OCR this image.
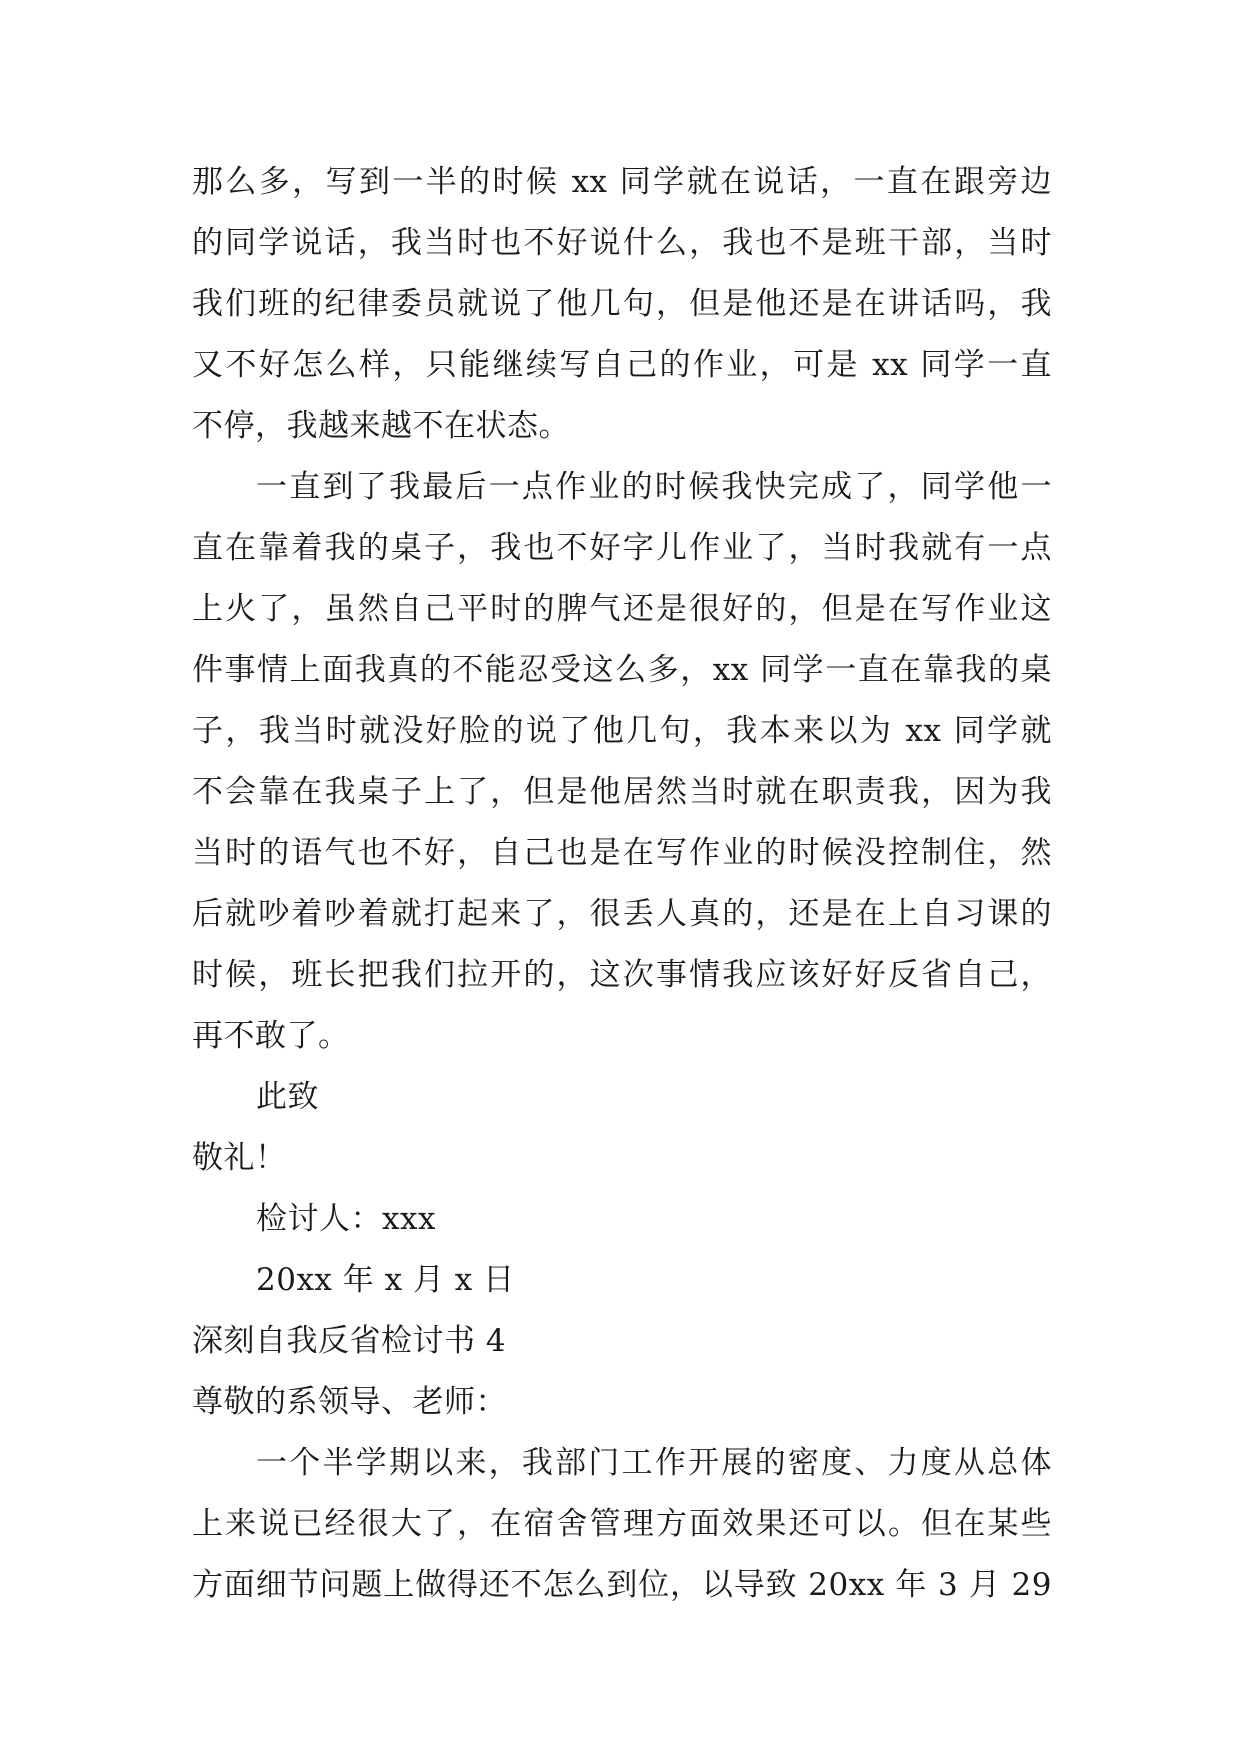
那么多，写到一半的时候 xx 同学就在说话，一直在跟旁边
的同学说话，我当时也不好说什么，我也不是班干部，当时
我们班的纪律委员就说了他几句，但是他还是在讲话吗，我
又不好怎么样，只能继续写自己的作业，可是 xx 同学一直
不停，我越来越不在状态。
一直到了我最后一点作业的时候我快完成了，同学他一
直在靠着我的桌子，我也不好字儿作业了，当时我就有一点
上火了，虽然自己平时的脾气还是很好的，但是在写作业这
件事情上面我真的不能忍受这么多，xx 同学一直在靠我的桌
子，我当时就没好脸的说了他几句，我本来以为 xx 同学就
不会靠在我桌子上了，但是他居然当时就在职责我，因为我
当时的语气也不好，自己也是在写作业的时候没控制住，然
后就吵着吵着就打起来了，很丢人真的，还是在上自习课的
时候，班长把我们拉开的，这次事情我应该好好反省自己，
再不敢了。
此致
敬礼！
检讨人：xxx
20xx 年 x 月 x 日
深刻自我反省检讨书 4
尊敬的系领导、老师：
一个半学期以来，我部门工作开展的密度、力度从总体
上来说已经很大了，在宿舍管理方面效果还可以。但在某些
方面细节问题上做得还不怎么到位，以导致 20xx 年 3 月 29
